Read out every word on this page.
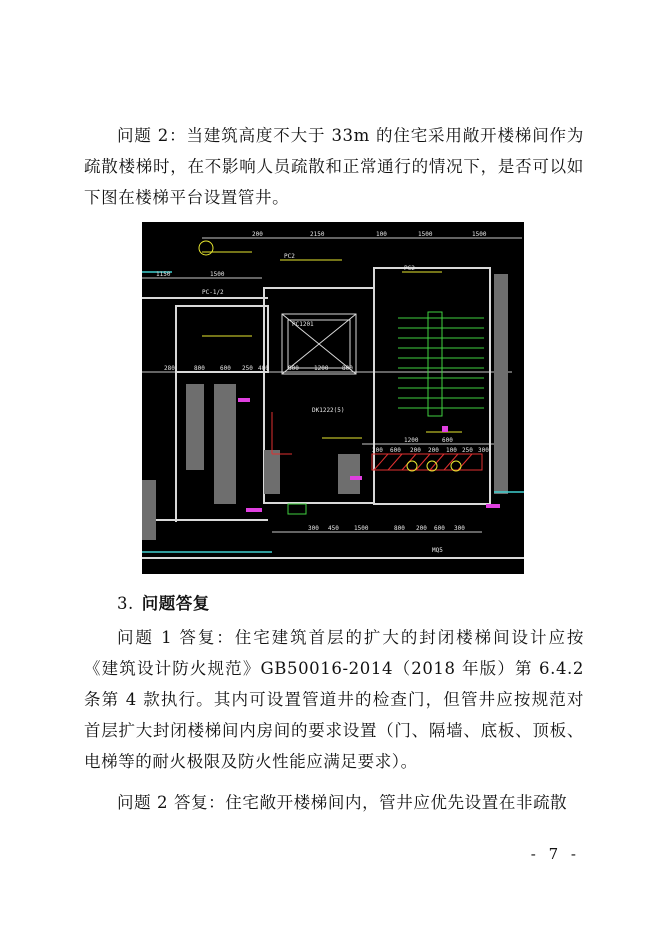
问题 2：当建筑高度不大于 33m 的住宅采用敞开楼梯间作为疏散楼梯时，在不影响人员疏散和正常通行的情况下，是否可以如下图在楼梯平台设置管井。

200	2150	100	1500	1500
1150	1500
280	800	600 250 400	800	1200 800
300 450	1500	800 200 600 300
1200	600
200 600 200 200 100 250 300
PC2
PC2
PC-1/2
PC1201
DK1222(5)
MQ5

3. 问题答复

问题 1 答复：住宅建筑首层的扩大的封闭楼梯间设计应按《建筑设计防火规范》GB50016-2014（2018 年版）第 6.4.2 条第 4 款执行。其内可设置管道井的检查门，但管井应按规范对首层扩大封闭楼梯间内房间的要求设置（门、隔墙、底板、顶板、电梯等的耐火极限及防火性能应满足要求）。

问题 2 答复：住宅敞开楼梯间内，管井应优先设置在非疏散

- 7 -
